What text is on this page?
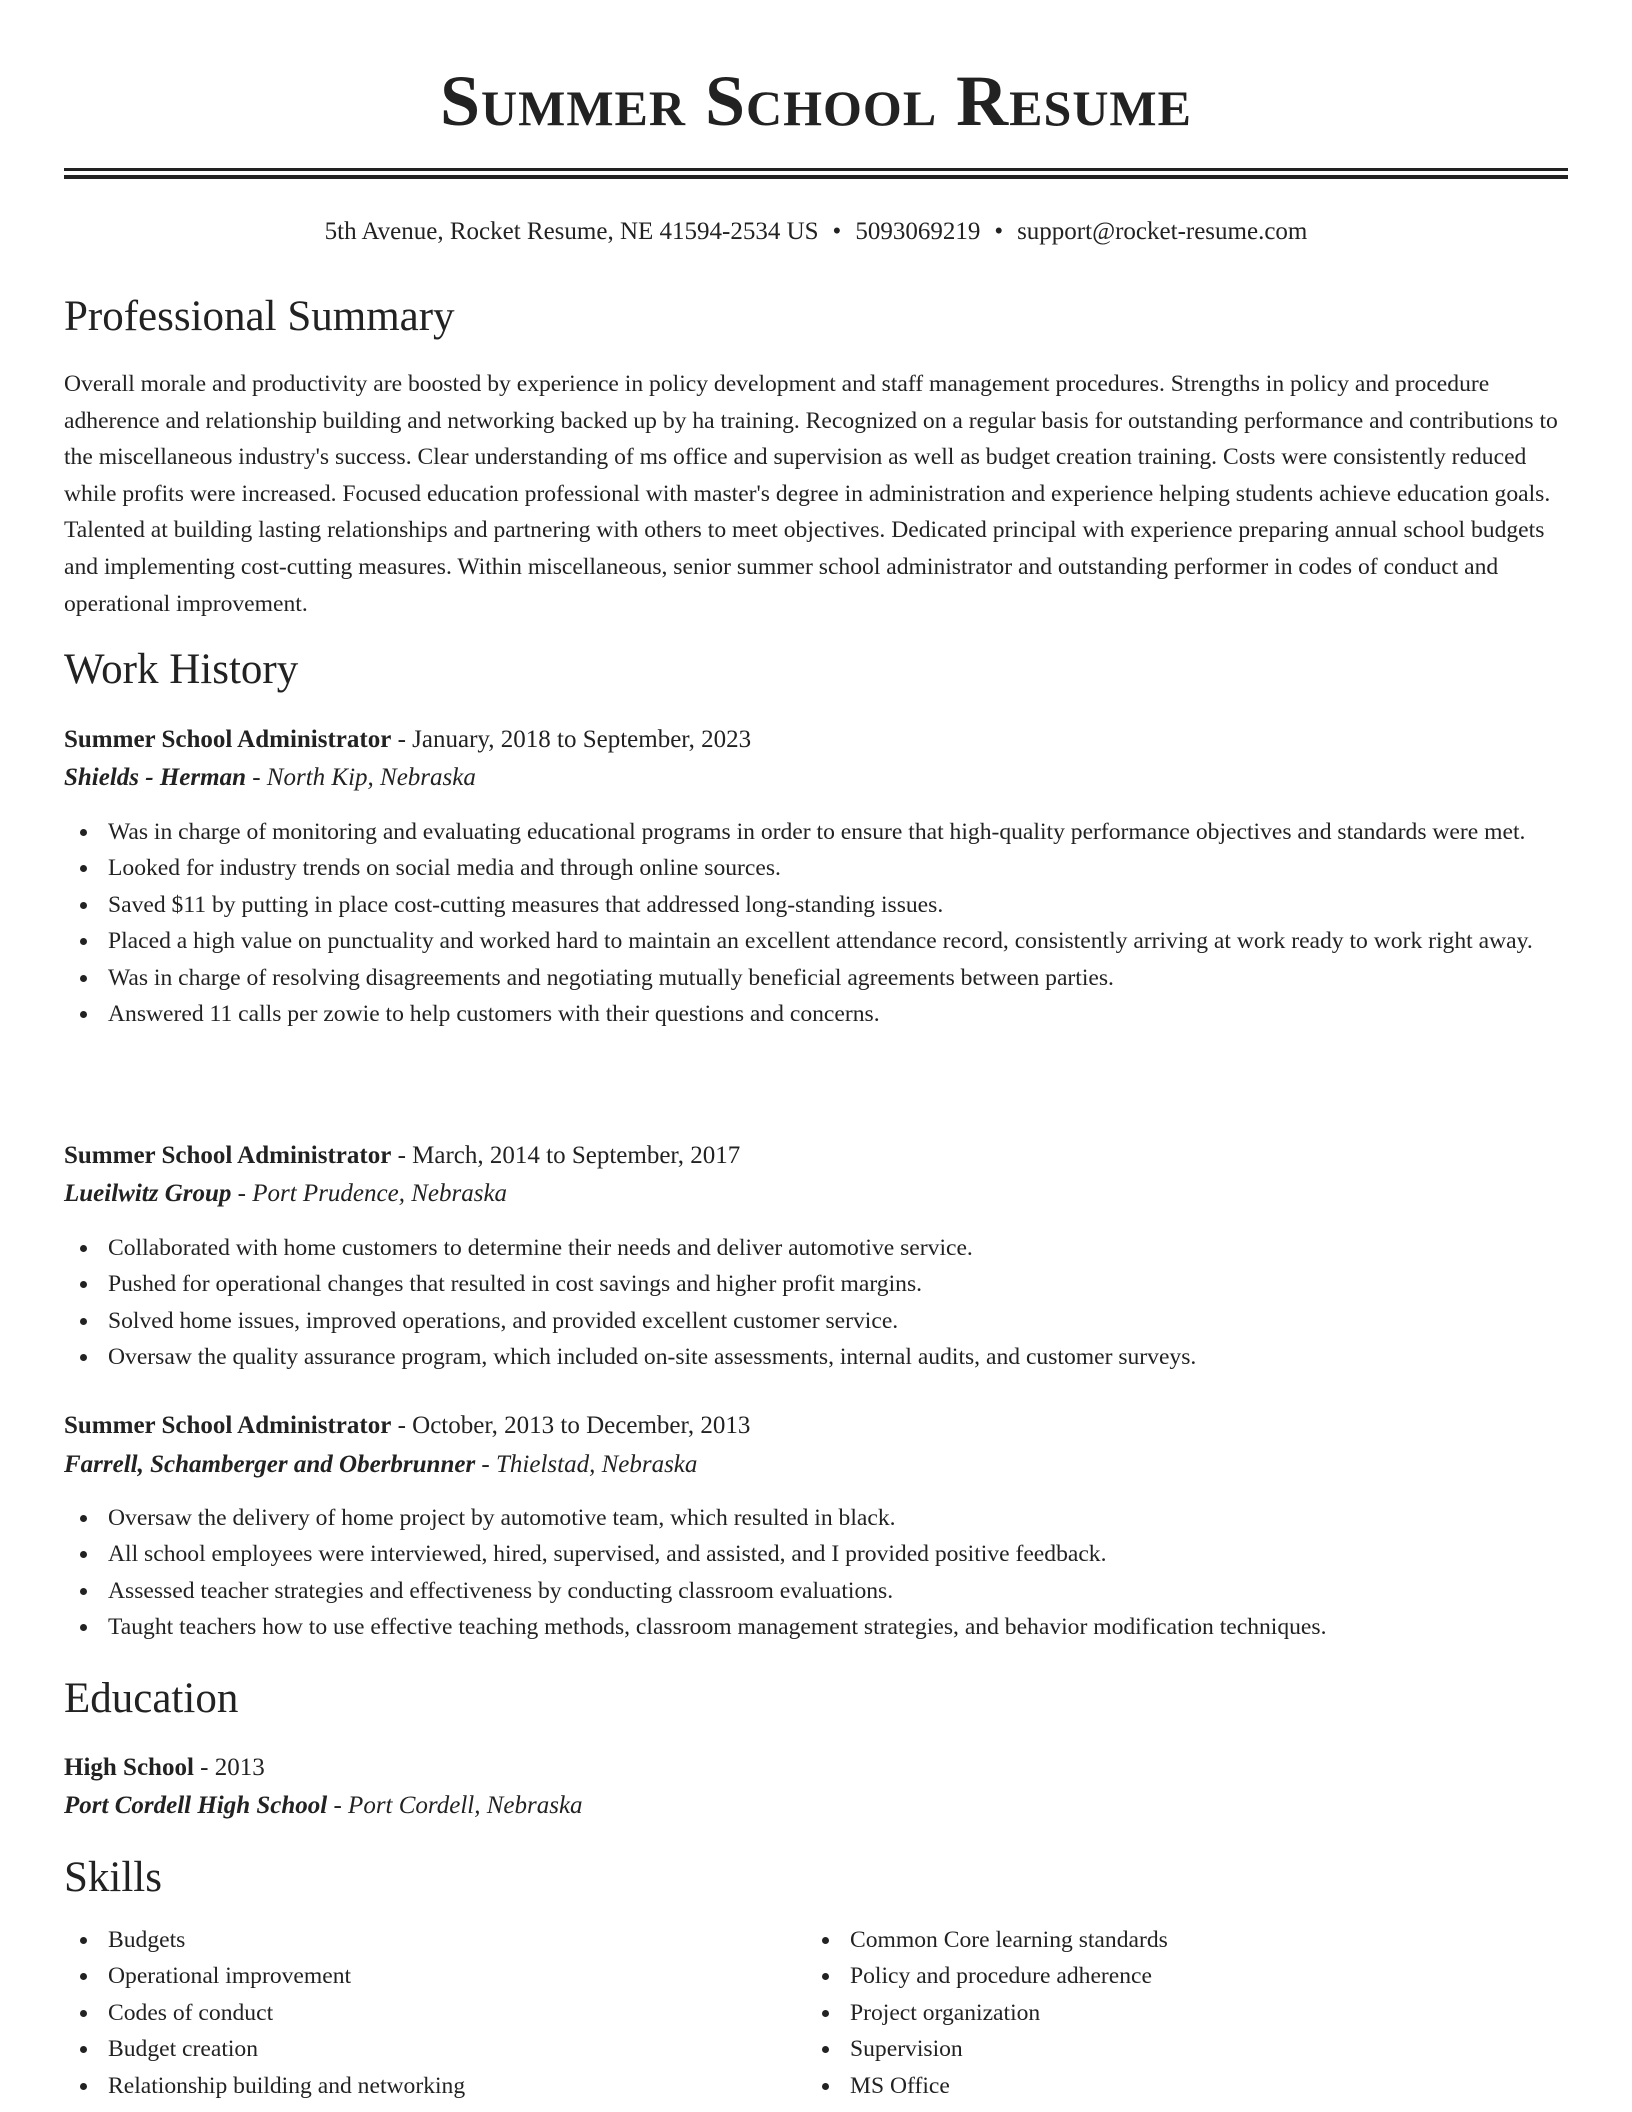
Summer School Resume
5th Avenue, Rocket Resume, NE 41594-2534 US • 5093069219 • support@rocket-resume.com
Professional Summary

Overall morale and productivity are boosted by experience in policy development and staff management procedures. Strengths in policy and procedure adherence and relationship building and networking backed up by ha training. Recognized on a regular basis for outstanding performance and contributions to the miscellaneous industry's success. Clear understanding of ms office and supervision as well as budget creation training. Costs were consistently reduced while profits were increased. Focused education professional with master's degree in administration and experience helping students achieve education goals. Talented at building lasting relationships and partnering with others to meet objectives. Dedicated principal with experience preparing annual school budgets and implementing cost-cutting measures. Within miscellaneous, senior summer school administrator and outstanding performer in codes of conduct and operational improvement.

Work History
Summer School Administrator - January, 2018 to September, 2023
Shields - Herman - North Kip, Nebraska
Was in charge of monitoring and evaluating educational programs in order to ensure that high-quality performance objectives and standards were met.
Looked for industry trends on social media and through online sources.
Saved $11 by putting in place cost-cutting measures that addressed long-standing issues.
Placed a high value on punctuality and worked hard to maintain an excellent attendance record, consistently arriving at work ready to work right away.
Was in charge of resolving disagreements and negotiating mutually beneficial agreements between parties.
Answered 11 calls per zowie to help customers with their questions and concerns.
Summer School Administrator - March, 2014 to September, 2017
Lueilwitz Group - Port Prudence, Nebraska
Collaborated with home customers to determine their needs and deliver automotive service.
Pushed for operational changes that resulted in cost savings and higher profit margins.
Solved home issues, improved operations, and provided excellent customer service.
Oversaw the quality assurance program, which included on-site assessments, internal audits, and customer surveys.
Summer School Administrator - October, 2013 to December, 2013
Farrell, Schamberger and Oberbrunner - Thielstad, Nebraska
Oversaw the delivery of home project by automotive team, which resulted in black.
All school employees were interviewed, hired, supervised, and assisted, and I provided positive feedback.
Assessed teacher strategies and effectiveness by conducting classroom evaluations.
Taught teachers how to use effective teaching methods, classroom management strategies, and behavior modification techniques.
Education
High School - 2013
Port Cordell High School - Port Cordell, Nebraska
Skills
Budgets
Operational improvement
Codes of conduct
Budget creation
Relationship building and networking
Common Core learning standards
Policy and procedure adherence
Project organization
Supervision
MS Office
